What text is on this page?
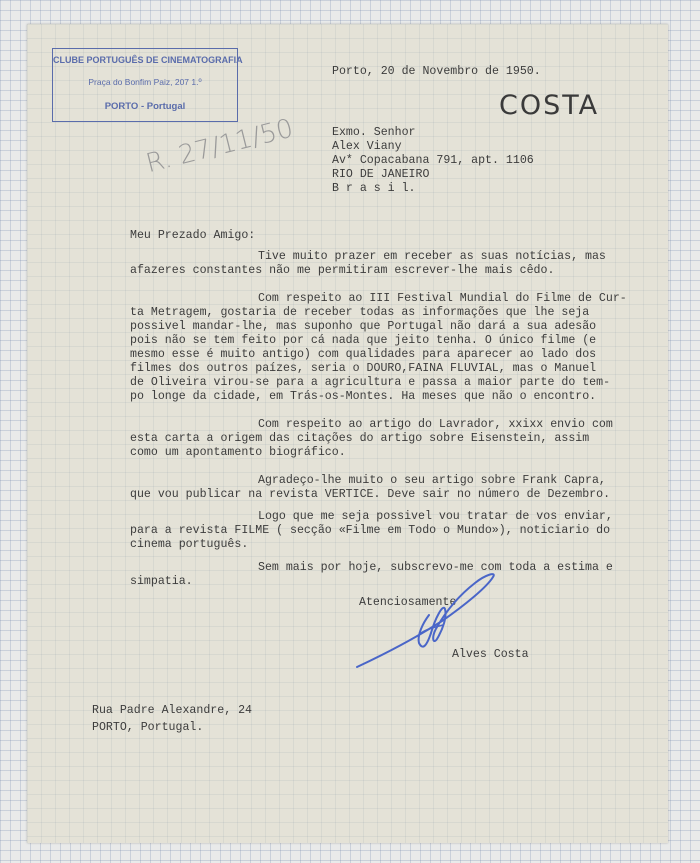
CLUBE PORTUGUÊS DE CINEMATOGRAFIA
Praça do Bonfim Paiz, 207 1.º
PORTO - Portugal	COSTA
R. 27/11/50
Porto, 20 de Novembro de 1950.
Exmo. Senhor
Alex Viany
Av* Copacabana 791, apt. 1106
RIO DE JANEIRO
B r a s i l.
Meu Prezado Amigo:
Tive muito prazer em receber as suas notícias, mas
afazeres constantes não me permitiram escrever-lhe mais cêdo.
Com respeito ao III Festival Mundial do Filme de Cur-
ta Metragem, gostaria de receber todas as informações que lhe seja
possivel mandar-lhe, mas suponho que Portugal não dará a sua adesão
pois não se tem feito por cá nada que jeito tenha. O único filme (e
mesmo esse é muito antigo) com qualidades para aparecer ao lado dos
filmes dos outros paízes, seria o DOURO,FAINA FLUVIAL, mas o Manuel
de Oliveira virou-se para a agricultura e passa a maior parte do tem-
po longe da cidade, em Trás-os-Montes. Ha meses que não o encontro.
Com respeito ao artigo do Lavrador, xxixx envio com
esta carta a origem das citações do artigo sobre Eisenstein, assim
como um apontamento biográfico.
Agradeço-lhe muito o seu artigo sobre Frank Capra,
que vou publicar na revista VERTICE. Deve sair no número de Dezembro.
Logo que me seja possivel vou tratar de vos enviar,
para a revista FILME ( secção «Filme em Todo o Mundo»), noticiario do
cinema português.
Sem mais por hoje, subscrevo-me com toda a estima e
simpatia.
Atenciosamente
Alves Costa
Rua Padre Alexandre, 24
PORTO, Portugal.
